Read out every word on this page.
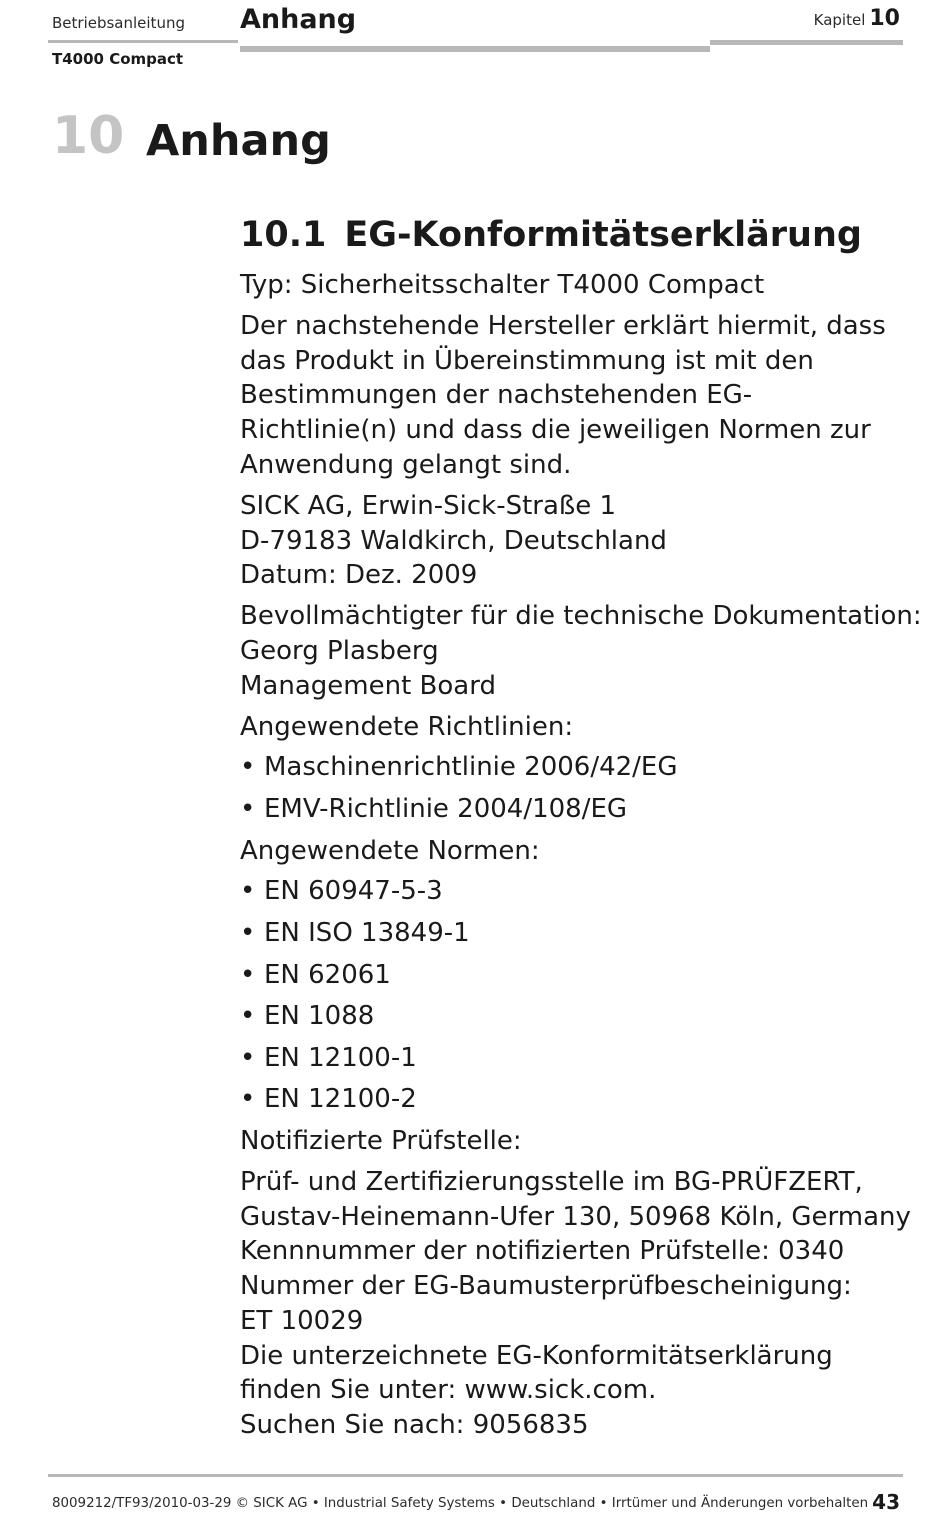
Betriebsanleitung
T4000 Compact
Anhang	Kapitel 10
10 Anhang
10.1 EG-Konformitätserklärung

Typ: Sicherheitsschalter T4000 Compact

Der nachstehende Hersteller erklärt hiermit, dass das Produkt in Übereinstimmung ist mit den Bestimmungen der nachstehenden EG-Richtlinie(n) und dass die jeweiligen Normen zur Anwendung gelangt sind.

SICK AG, Erwin-Sick-Straße 1
D-79183 Waldkirch, Deutschland
Datum: Dez. 2009

Bevollmächtigter für die technische Dokumentation:
Georg Plasberg
Management Board

Angewendete Richtlinien:

• Maschinenrichtlinie 2006/42/EG
• EMV-Richtlinie 2004/108/EG

Angewendete Normen:

• EN 60947-5-3
• EN ISO 13849-1
• EN 62061
• EN 1088
• EN 12100-1
• EN 12100-2

Notifizierte Prüfstelle:

Prüf- und Zertifizierungsstelle im BG-PRÜFZERT,
Gustav-Heinemann-Ufer 130, 50968 Köln, Germany
Kennnummer der notifizierten Prüfstelle: 0340
Nummer der EG-Baumusterprüfbescheinigung:
ET 10029
Die unterzeichnete EG-Konformitätserklärung
finden Sie unter: www.sick.com.
Suchen Sie nach: 9056835

8009212/TF93/2010-03-29 © SICK AG • Industrial Safety Systems • Deutschland • Irrtümer und Änderungen vorbehalten 43
